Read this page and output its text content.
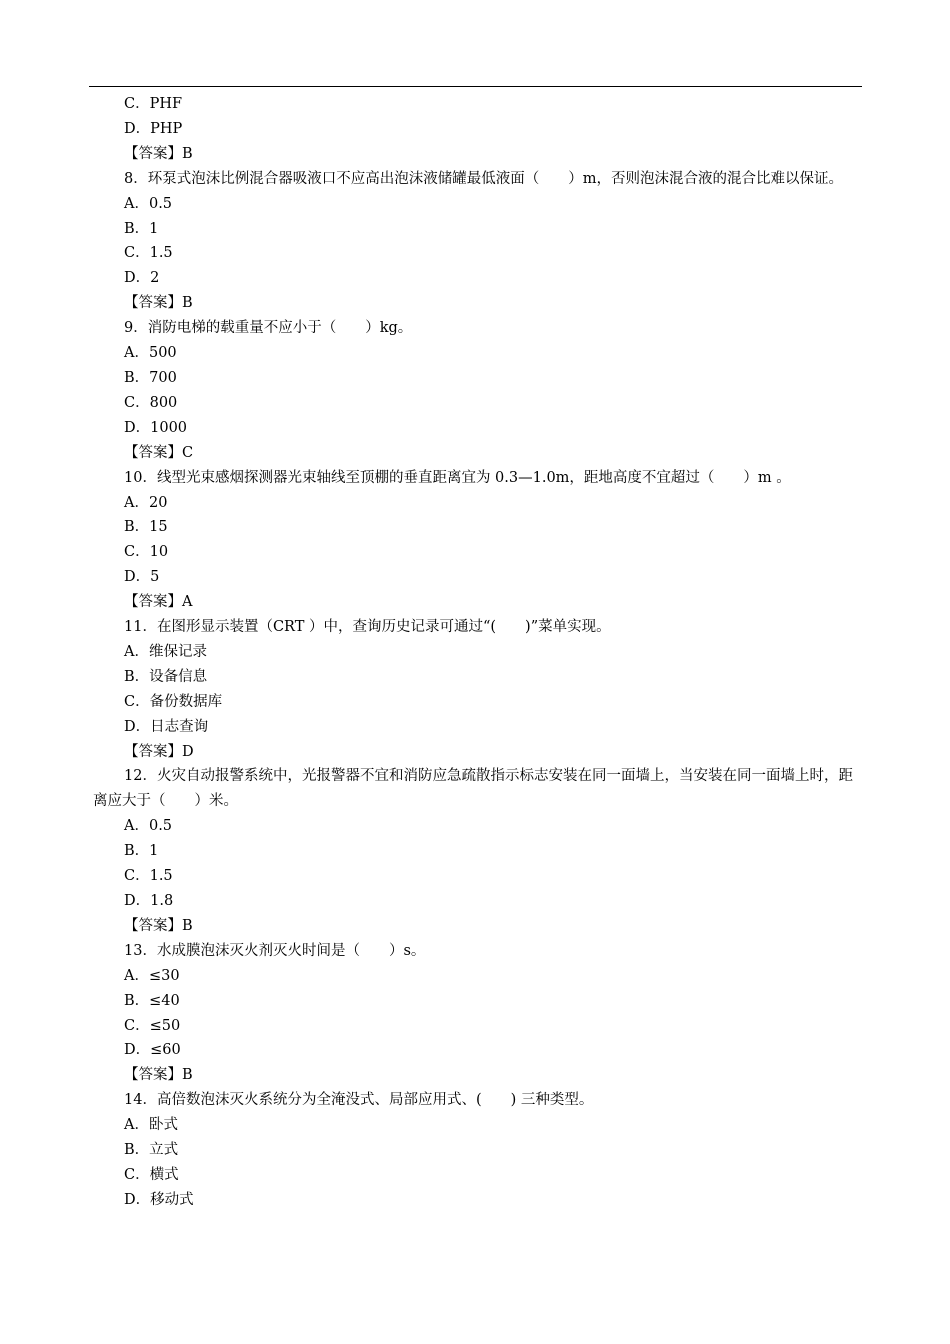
C．PHF
D．PHP
【答案】B
8．环泵式泡沫比例混合器吸液口不应高出泡沫液储罐最低液面（　　）m，否则泡沫混合液的混合比难以保证。
A．0.5
B．1
C．1.5
D．2
【答案】B
9．消防电梯的载重量不应小于（　　）kg。
A．500
B．700
C．800
D．1000
【答案】C
10．线型光束感烟探测器光束轴线至顶棚的垂直距离宜为 0.3—1.0m，距地高度不宜超过（　　）m 。
A．20
B．15
C．10
D．5
【答案】A
11．在图形显示装置（CRT ）中，查询历史记录可通过“(　　)”菜单实现。
A．维保记录
B．设备信息
C．备份数据库
D．日志查询
【答案】D
12．火灾自动报警系统中，光报警器不宜和消防应急疏散指示标志安装在同一面墙上，当安装在同一面墙上时，距离应大于（　　）米。
A．0.5
B．1
C．1.5
D．1.8
【答案】B
13．水成膜泡沫灭火剂灭火时间是（　　）s。
A．≤30
B．≤40
C．≤50
D．≤60
【答案】B
14．高倍数泡沫灭火系统分为全淹没式、局部应用式、(　　) 三种类型。
A．卧式
B．立式
C．横式
D．移动式
